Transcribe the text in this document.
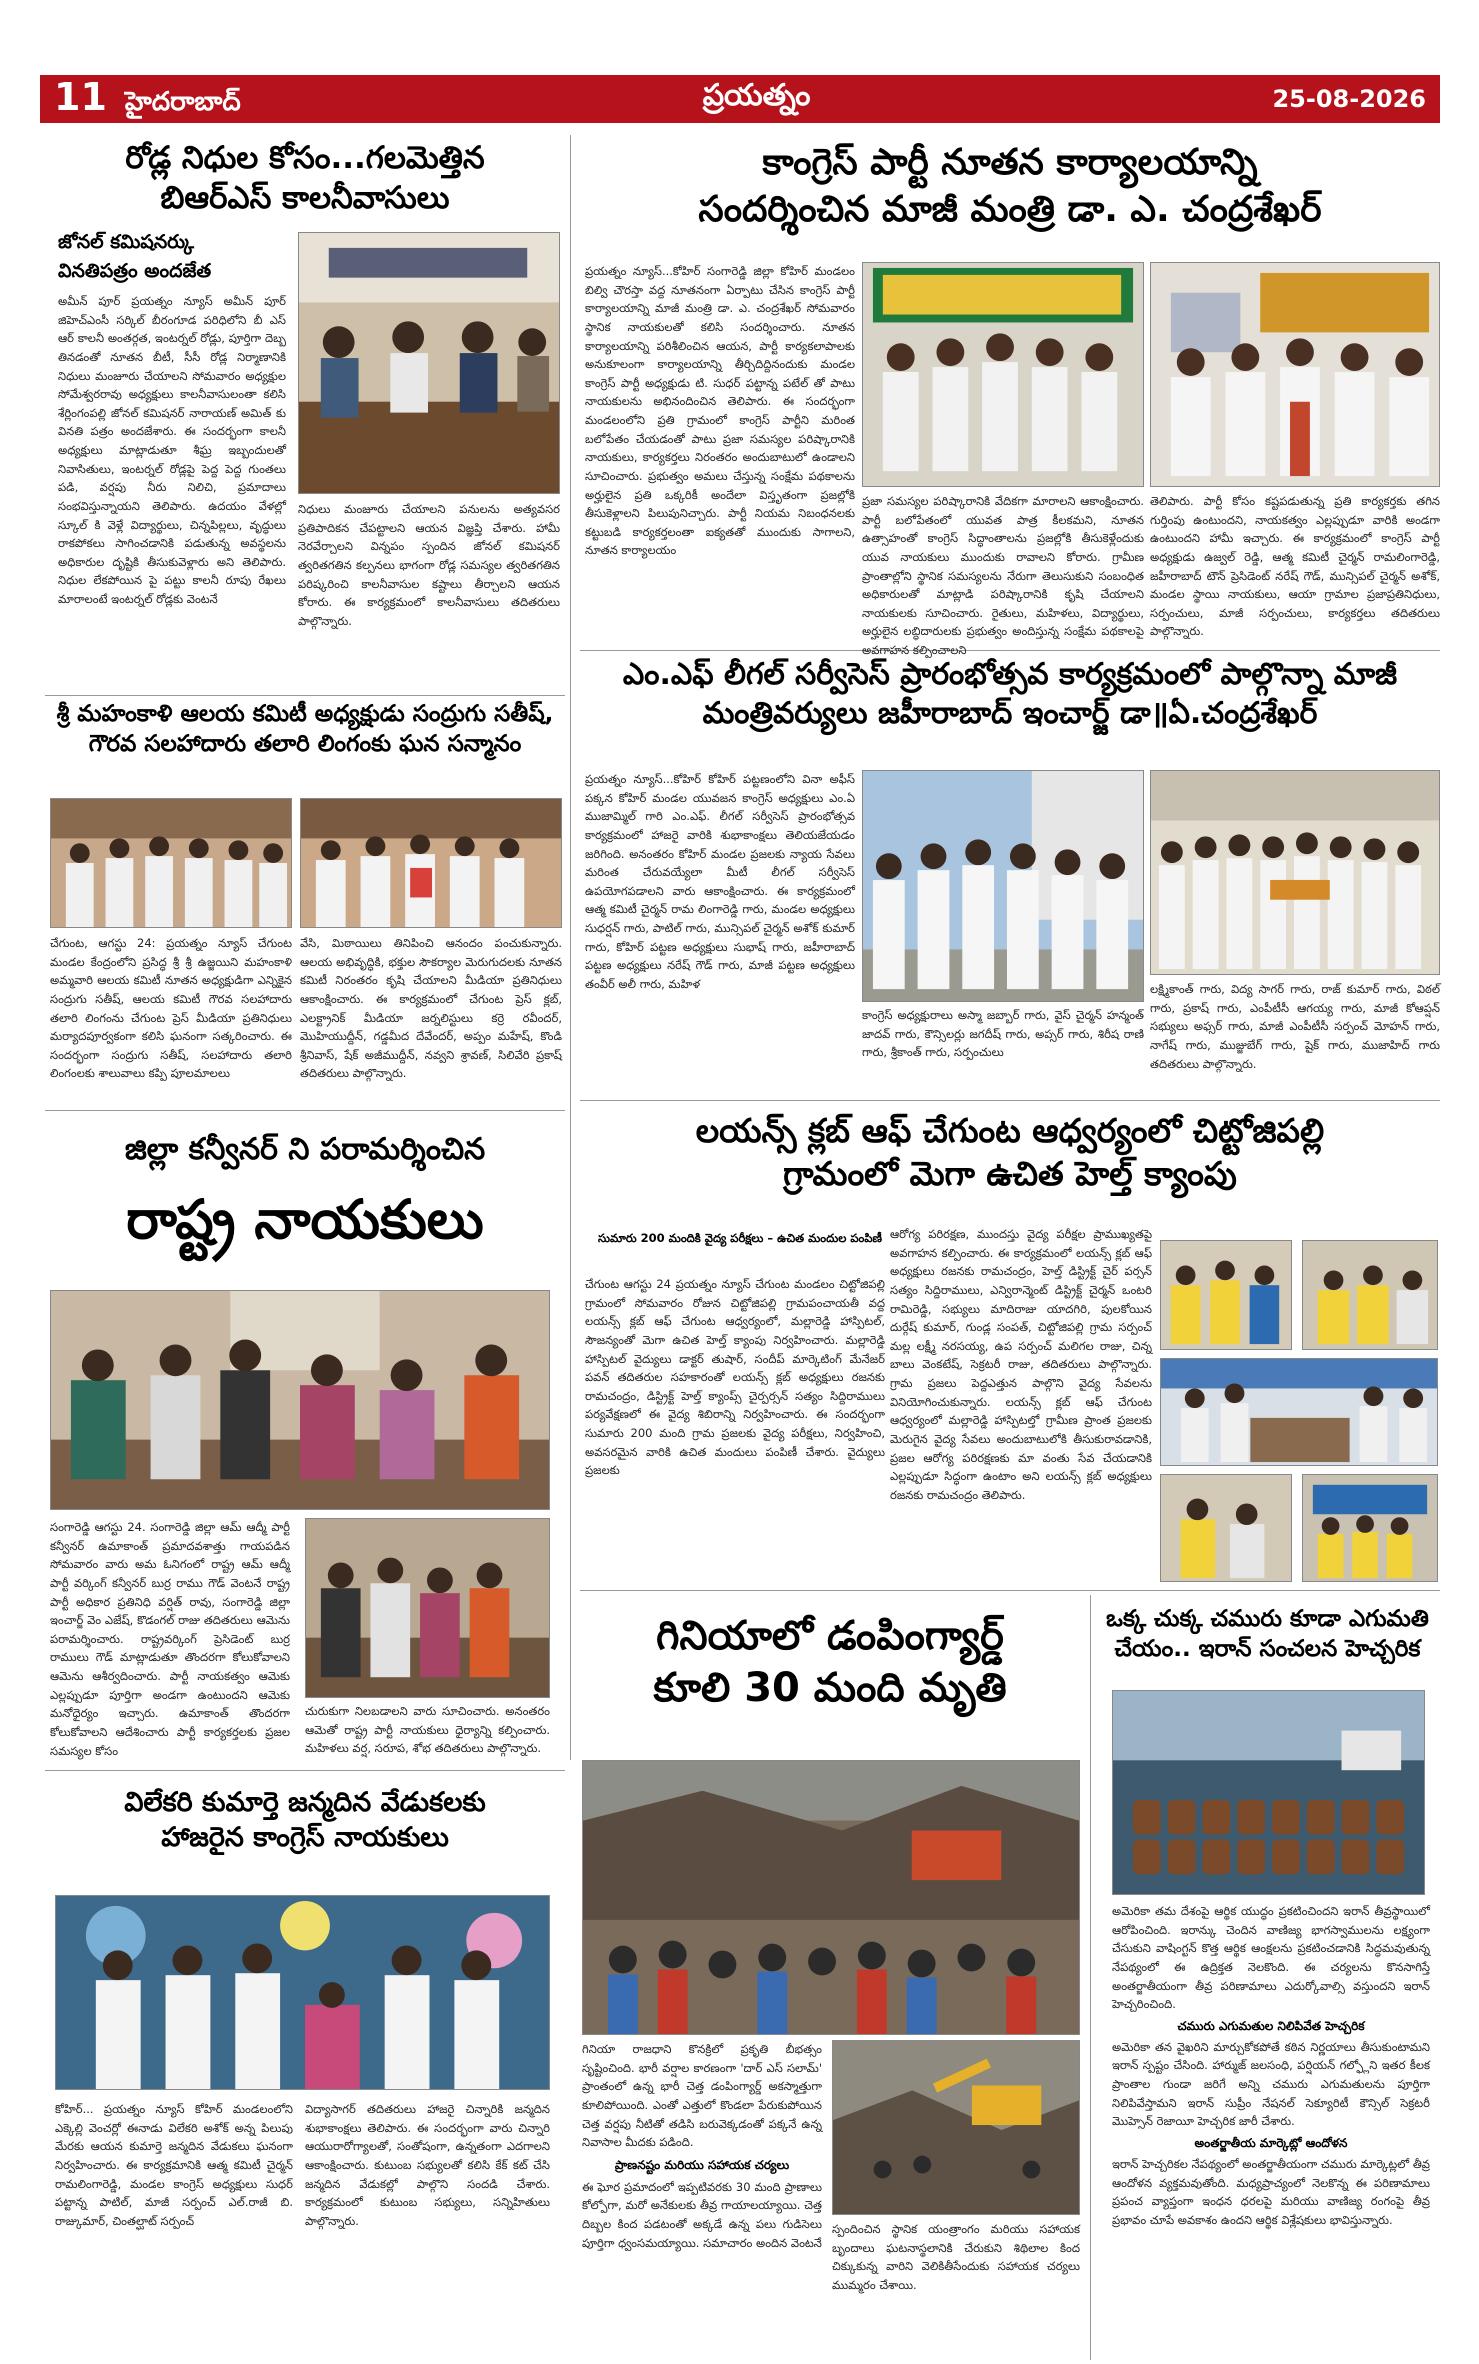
11 హైదరాబాద్	ప్రయత్నం	25-08-2026
రోడ్ల నిధుల కోసం...గలమెత్తిన
బిఆర్ఎస్ కాలనీవాసులు
జోనల్ కమిషనర్కు
వినతిపత్రం అందజేత
అమీన్ పూర్ ప్రయత్నం న్యూస్ అమీన్ పూర్ జిహెచ్ఎంసీ సర్కిల్ బీరంగూడ పరిధిలోని బీ ఎస్ ఆర్ కాలనీ అంతర్గత, ఇంటర్నల్ రోడ్లు, పూర్తిగా దెబ్బ తినడంతో నూతన బీటీ, సీసీ రోడ్ల నిర్మాణానికి నిధులు మంజూరు చేయాలని సోమవారం అధ్యక్షుల సోమేశ్వరరావు అధ్యక్షులు కాలనీవాసులంతా కలిసి శేర్లింగంపల్లి జోనల్ కమిషనర్ నారాయణ్ అమిత్ కు వినతి పత్రం అందజేశారు. ఈ సందర్భంగా కాలనీ అధ్యక్షులు మాట్లాడుతూ శీఘ్ర ఇబ్బందులతో నివాసితులు, ఇంటర్నల్ రోడ్లపై పెద్ద పెద్ద గుంతలు పడి, వర్షపు నీరు నిలిచి, ప్రమాదాలు సంభవిస్తున్నాయని తెలిపారు. ఉదయం వేళల్లో స్కూల్ కి వెళ్లే విద్యార్థులు, చిన్నపిల్లలు, వృద్ధులు రాకపోకలు సాగించడానికి పడుతున్న అవస్థలను అధికారుల దృష్టికి తీసుకువెళ్లారు అని తెలిపారు. నిధుల లేకపోయిన పై పట్టు కాలనీ రూపు రేఖలు మారాలంటే ఇంటర్నల్ రోడ్లకు వెంటనే
నిధులు మంజూరు చేయాలని పనులను అత్యవసర ప్రతిపాదికన చేపట్టాలని ఆయన విజ్ఞప్తి చేశారు. హామీ నెరవేర్చాలని విన్నపం స్పందిన జోనల్ కమిషనర్ త్వరితగతిన కల్పనలు భాగంగా రోడ్ల సమస్యల త్వరితగతిన పరిష్కరించి కాలనీవాసుల కష్టాలు తీర్చాలని ఆయన కోరారు. ఈ కార్యక్రమంలో కాలనీవాసులు తదితరులు పాల్గొన్నారు.
కాంగ్రెస్ పార్టీ నూతన కార్యాలయాన్ని
సందర్శించిన మాజీ మంత్రి డా. ఎ. చంద్రశేఖర్
ప్రయత్నం న్యూస్...కోహిర్ సంగారెడ్డి జిల్లా కోహిర్ మండలం బిల్వి చౌరస్తా వద్ద నూతనంగా ఏర్పాటు చేసిన కాంగ్రెస్ పార్టీ కార్యాలయాన్ని మాజీ మంత్రి డా. ఎ. చంద్రశేఖర్ సోమవారం స్థానిక నాయకులతో కలిసి సందర్శించారు. నూతన కార్యాలయాన్ని పరిశీలించిన ఆయన, పార్టీ కార్యకలాపాలకు అనుకూలంగా కార్యాలయాన్ని తీర్చిదిద్దినందుకు మండల కాంగ్రెస్ పార్టీ అధ్యక్షుడు టి. సుధర్ పట్టాన్న పటేల్ తో పాటు నాయకులను అభినందించిన తెలిపారు. ఈ సందర్భంగా మండలంలోని ప్రతి గ్రామంలో కాంగ్రెస్ పార్టీని మరింత బలోపేతం చేయడంతో పాటు ప్రజా సమస్యల పరిష్కారానికి నాయకులు, కార్యకర్తలు నిరంతరం అందుబాటులో ఉండాలని సూచించారు. ప్రభుత్వం అమలు చేస్తున్న సంక్షేమ పథకాలను అర్హులైన ప్రతి ఒక్కరికీ అందేలా విస్తృతంగా ప్రజల్లోకి తీసుకెళ్లాలని పిలుపునిచ్చారు. పార్టీ నియమ నిబంధనలకు కట్టుబడి కార్యకర్తలంతా ఐక్యతతో ముందుకు సాగాలని, నూతన కార్యాలయం
ప్రజా సమస్యల పరిష్కారానికి వేదికగా మారాలని ఆకాంక్షించారు. పార్టీ బలోపేతంలో యువత పాత్ర కీలకమని, నూతన ఉత్సాహంతో కాంగ్రెస్ సిద్ధాంతాలను ప్రజల్లోకి తీసుకెళ్లేందుకు యువ నాయకులు ముందుకు రావాలని కోరారు. గ్రామీణ ప్రాంతాల్లోని స్థానిక సమస్యలను నేరుగా తెలుసుకుని సంబంధిత అధికారులతో మాట్లాడి పరిష్కారానికి కృషి చేయాలని నాయకులకు సూచించారు. రైతులు, మహిళలు, విద్యార్థులు, అర్హులైన లబ్ధిదారులకు ప్రభుత్వం అందిస్తున్న సంక్షేమ పథకాలపై అవగాహన కల్పించాలని
తెలిపారు. పార్టీ కోసం కష్టపడుతున్న ప్రతి కార్యకర్తకు తగిన గుర్తింపు ఉంటుందని, నాయకత్వం ఎల్లప్పుడూ వారికి అండగా ఉంటుందని హామీ ఇచ్చారు. ఈ కార్యక్రమంలో కాంగ్రెస్ పార్టీ అధ్యక్షుడు ఉజ్వల్ రెడ్డి, ఆత్మ కమిటీ చైర్మన్ రామలింగారెడ్డి, జహీరాబాద్ టౌన్ ప్రెసిడెంట్ నరేష్ గౌడ్, మున్సిపల్ చైర్మన్ అశోక్, మండల స్థాయి నాయకులు, ఆయా గ్రామాల ప్రజాప్రతినిధులు, సర్పంచులు, మాజీ సర్పంచులు, కార్యకర్తలు తదితరులు పాల్గొన్నారు.
శ్రీ మహంకాళి ఆలయ కమిటీ అధ్యక్షుడు సంద్రుగు సతీష్,
గౌరవ సలహాదారు తలారి లింగంకు ఘన సన్మానం
చేగుంట, ఆగస్టు 24: ప్రయత్నం న్యూస్ చేగుంట మండల కేంద్రంలోని ప్రసిద్ధ శ్రీ శ్రీ ఉజ్జయిని మహంకాళి అమ్మవారి ఆలయ కమిటీ నూతన అధ్యక్షుడిగా ఎన్నికైన సంద్రుగు సతీష్, ఆలయ కమిటీ గౌరవ సలహాదారు తలారి లింగంను చేగుంట ప్రెస్ మీడియా ప్రతినిధులు మర్యాదపూర్వకంగా కలిసి ఘనంగా సత్కరించారు. ఈ సందర్భంగా సంద్రుగు సతీష్, సలహాదారు తలారి లింగంలకు శాలువాలు కప్పి పూలమాలలు
వేసి, మిఠాయిలు తినిపించి ఆనందం పంచుకున్నారు. ఆలయ అభివృద్ధికి, భక్తుల సౌకర్యాల మెరుగుదలకు నూతన కమిటీ నిరంతరం కృషి చేయాలని మీడియా ప్రతినిధులు ఆకాంక్షించారు. ఈ కార్యక్రమంలో చేగుంట ప్రెస్ క్లబ్, ఎలక్ట్రానిక్ మీడియా జర్నలిస్టులు కర్రె రవీందర్, మొహియుద్దీన్, గడ్డమీద దేవేందర్, అప్పం మహేష్, కొండి శ్రీనివాస్, షేక్ అజీముద్దీన్, నవ్వని శ్రావణ్, సిలివేరి ప్రకాష్ తదితరులు పాల్గొన్నారు.
ఎం.ఎఫ్ లీగల్ సర్వీసెస్ ప్రారంభోత్సవ కార్యక్రమంలో పాల్గొన్నా మాజీ
మంత్రివర్యులు జహీరాబాద్ ఇంచార్జ్ డా॥ఏ.చంద్రశేఖర్
ప్రయత్నం న్యూస్...కోహిర్ కోహిర్ పట్టణంలోని వినా అఫీస్ పక్కన కోహిర్ మండల యువజన కాంగ్రెస్ అధ్యక్షులు ఎం.ఏ ముజామ్మిల్ గారి ఎం.ఎఫ్. లీగల్ సర్వీసెస్ ప్రారంభోత్సవ కార్యక్రమంలో హాజరై వారికి శుభాకాంక్షలు తెలియజేయడం జరిగింది. అనంతరం కోహిర్ మండల ప్రజలకు న్యాయ సేవలు మరింత చేరువయ్యేలా మీటీ లీగల్ సర్వీసెస్ ఉపయోగపడాలని వారు ఆకాంక్షించారు. ఈ కార్యక్రమంలో ఆత్మ కమిటీ చైర్మన్ రామ లింగారెడ్డి గారు, మండల అధ్యక్షులు సుధర్షన్ గారు, పాటిల్ గారు, మున్సిపల్ చైర్మన్ అశోక్ కుమార్ గారు, కోహిర్ పట్టణ అధ్యక్షులు సుభాష్ గారు, జహీరాబాద్ పట్టణ అధ్యక్షులు నరేష్ గౌడ్ గారు, మాజీ పట్టణ అధ్యక్షులు తంవీర్ అలీ గారు, మహిళ
కాంగ్రెస్ అధ్యక్షురాలు అస్మా జబ్బార్ గారు, వైస్ చైర్మన్ హన్మంత్ జాదవ్ గారు, కౌన్సిలర్లు జగదీష్ గారు, అప్సర్ గారు, శిరీష రాణి గారు, శ్రీకాంత్ గారు, సర్పంచులు
లక్ష్మికాంత్ గారు, విద్య సాగర్ గారు, రాజ్ కుమార్ గారు, విఠల్ గారు, ప్రకాష్ గారు, ఎంపీటీసీ ఆగయ్య గారు, మాజీ కోఆప్షన్ సభ్యులు అఫ్సర్ గారు, మాజీ ఎంపీటీసీ సర్పంచ్ మోహన్ గారు, నాగేష్ గారు, ముజ్జుబేగ్ గారు, షైక్ గారు, ముజాహిద్ గారు తదితరులు పాల్గొన్నారు.
జిల్లా కన్వీనర్ ని పరామర్శించిన
రాష్ట్ర నాయకులు
సంగారెడ్డి ఆగస్టు 24. సంగారెడ్డి జిల్లా ఆమ్ ఆద్మీ పార్టీ కన్వీనర్ ఉమాకాంత్ ప్రమాదవశాత్తు గాయపడిన సోమవారం వారు అమ ఓనిగంలో రాష్ట్ర ఆమ్ ఆద్మీ పార్టీ వర్కింగ్ కన్వీనర్ బుర్ర రాము గౌడ్ వెంటనే రాష్ట్ర పార్టీ అధికార ప్రతినిధి వర్షిత్ రావు, సంగారెడ్డి జిల్లా ఇంచార్జ్ వెం ఎజేష్, కొడంగల్ రాజు తదితరులు ఆమెను పరామర్శించారు. రాష్ట్రవర్కింగ్ ప్రెసిడెంట్ బుర్ర రాములు గౌడ్ మాట్లాడుతూ తొందరగా కోలుకోవాలని ఆమెను ఆశీర్వదించారు. పార్టీ నాయకత్వం ఆమెకు ఎల్లప్పుడూ పూర్తిగా అండగా ఉంటుందని ఆమెకు మనోధైర్యం ఇచ్చారు. ఉమాకాంత్ తొందరగా కోలుకోవాలని ఆదేశించారు పార్టీ కార్యకర్తలకు ప్రజల సమస్యల కోసం
చురుకుగా నిలబడాలని వారు సూచించారు. అనంతరం ఆమెతో రాష్ట్ర పార్టీ నాయకులు ధైర్యాన్ని కల్పించారు. మహిళలు వర్ష, సరూప, శోభ తదితరులు పాల్గొన్నారు.
లయన్స్ క్లబ్ ఆఫ్ చేగుంట ఆధ్వర్యంలో చిట్టోజిపల్లి
గ్రామంలో మెగా ఉచిత హెల్త్ క్యాంపు
సుమారు 200 మందికి వైద్య పరీక్షలు – ఉచిత మందుల పంపిణీ
చేగుంట ఆగస్టు 24 ప్రయత్నం న్యూస్ చేగుంట మండలం చిట్టోజిపల్లి గ్రామంలో సోమవారం రోజున చిట్టోజిపల్లి గ్రామపంచాయతీ వద్ద లయన్స్ క్లబ్ ఆఫ్ చేగుంట ఆధ్వర్యంలో, మల్లారెడ్డి హాస్పిటల్, సౌజన్యంతో మెగా ఉచిత హెల్త్ క్యాంపు నిర్వహించారు. మల్లారెడ్డి హాస్పిటల్ వైద్యులు డాక్టర్ తుషార్, సందీప్ మార్కెటింగ్ మేనేజర్ పవన్ తదితరుల సహకారంతో లయన్స్ క్లబ్ అధ్యక్షులు రజనకు రామచంద్రం, డిస్ట్రిక్ట్ హెల్త్ క్యాంప్స్ చైర్పర్సన్ సత్యం సిద్దిరాములు పర్యవేక్షణలో ఈ వైద్య శిబిరాన్ని నిర్వహించారు. ఈ సందర్భంగా సుమారు 200 మంది గ్రామ ప్రజలకు వైద్య పరీక్షలు, నిర్వహించి, అవసరమైన వారికి ఉచిత మందులు పంపిణీ చేశారు. వైద్యులు ప్రజలకు
ఆరోగ్య పరిరక్షణ, ముందస్తు వైద్య పరీక్షల ప్రాముఖ్యతపై అవగాహన కల్పించారు. ఈ కార్యక్రమంలో లయన్స్ క్లబ్ ఆఫ్ అధ్యక్షులు రజనకు రామచంద్రం, హెల్త్ డిస్ట్రిక్ట్ చైర్ పర్సన్ సత్యం సిద్దిరాములు, ఎన్విరాన్మెంట్ డిస్ట్రిక్ట్ చైర్మన్ ఒంటరి రామిరెడ్డి, సభ్యులు మాదిరాజు యాదగిరి, పులకోయిన దుర్గేష్ కుమార్, గుండ్ల సంపత్, చిట్టోజిపల్లి గ్రామ సర్పంచ్ మల్ల లక్ష్మీ నరసయ్య, ఉప సర్పంచ్ మలిగల రాజు, చిన్న బాలు వెంకటేష్, సెక్రటరీ రాజు, తదితరులు పాల్గొన్నారు. గ్రామ ప్రజలు పెద్దఎత్తున పాల్గొని వైద్య సేవలను వినియోగించుకున్నారు. లయన్స్ క్లబ్ ఆఫ్ చేగుంట ఆధ్వర్యంలో మల్లారెడ్డి హాస్పిటల్తో గ్రామీణ ప్రాంత ప్రజలకు మెరుగైన వైద్య సేవలు అందుబాటులోకి తీసుకురావడానికి, ప్రజల ఆరోగ్య పరిరక్షణకు మా వంతు సేవ చేయడానికి ఎల్లప్పుడూ సిద్ధంగా ఉంటాం అని లయన్స్ క్లబ్ అధ్యక్షులు రజనకు రామచంద్రం తెలిపారు.
విలేకరి కుమార్తె జన్మదిన వేడుకలకు
హాజరైన కాంగ్రెస్ నాయకులు
కోహిర్... ప్రయత్నం న్యూస్ కోహిర్ మండలంలోని ఎక్కెల్లి వెంచర్లో ఈనాడు విలేకరి అశోక్ అన్న పిలుపు మేరకు ఆయన కుమార్తె జన్మదిన వేడుకలు ఘనంగా నిర్వహించారు. ఈ కార్యక్రమానికి ఆత్మ కమిటీ చైర్మన్ రామలింగారెడ్డి, మండల కాంగ్రెస్ అధ్యక్షులు సుధర్ పట్టాన్న పాటిల్, మాజీ సర్పంచ్ ఎల్.రాజీ బి. రాజ్కుమార్, చింతల్ఘాట్ సర్పంచ్
విద్యాసాగర్ తదితరులు హాజరై చిన్నారికి జన్మదిన శుభాకాంక్షలు తెలిపారు. ఈ సందర్భంగా వారు చిన్నారి ఆయురారోగ్యాలతో, సంతోషంగా, ఉన్నతంగా ఎదగాలని ఆకాంక్షించారు. కుటుంబ సభ్యులతో కలిసి కేక్ కట్ చేసి జన్మదిన వేడుకల్లో పాల్గొని సందడి చేశారు. కార్యక్రమంలో కుటుంబ సభ్యులు, సన్నిహితులు పాల్గొన్నారు.
గినియాలో డంపింగ్యార్డ్
కూలి 30 మంది మృతి
గినియా రాజధాని కొనక్రిలో ప్రకృతి బీభత్సం సృష్టించింది. భారీ వర్షాల కారణంగా 'దార్ ఎస్ సలామ్' ప్రాంతంలో ఉన్న భారీ చెత్త డంపింగ్యార్డ్ అకస్మాత్తుగా కూలిపోయింది. ఎంతో ఎత్తులో కొండలా పేరుకుపోయిన చెత్త వర్షపు నీటితో తడిసి బరువెక్కడంతో పక్కనే ఉన్న నివాసాల మీదకు పడింది.
ప్రాణనష్టం మరియు సహాయక చర్యలు
ఈ ఘోర ప్రమాదంలో ఇప్పటివరకు 30 మంది ప్రాణాలు కోల్పోగా, మరో అనేకులకు తీవ్ర గాయాలయ్యాయి. చెత్త దిబ్బల కింద పడటంతో అక్కడే ఉన్న పలు గుడిసెలు పూర్తిగా ధ్వంసమయ్యాయి. సమాచారం అందిన వెంటనే
స్పందించిన స్థానిక యంత్రాంగం మరియు సహాయక బృందాలు ఘటనాస్థలానికి చేరుకుని శిథిలాల కింద చిక్కుకున్న వారిని వెలికితీసేందుకు సహాయక చర్యలు ముమ్మరం చేశాయి.
ఒక్క చుక్క చమురు కూడా ఎగుమతి
చేయం.. ఇరాన్ సంచలన హెచ్చరిక
అమెరికా తమ దేశంపై ఆర్థిక యుద్ధం ప్రకటించిందని ఇరాన్ తీవ్రస్థాయిలో ఆరోపించింది. ఇరాన్కు చెందిన వాణిజ్య భాగస్వాములను లక్ష్యంగా చేసుకుని వాషింగ్టన్ కొత్త ఆర్థిక ఆంక్షలను ప్రకటించడానికి సిద్ధమవుతున్న నేపథ్యంలో ఈ ఉద్రిక్తత నెలకొంది. ఈ చర్యలను కొనసాగిస్తే అంతర్జాతీయంగా తీవ్ర పరిణామాలు ఎదుర్కోవాల్సి వస్తుందని ఇరాన్ హెచ్చరించింది.
చమురు ఎగుమతుల నిలిపివేత హెచ్చరిక
అమెరికా తన వైఖరిని మార్చుకోకపోతే కఠిన నిర్ణయాలు తీసుకుంటామని ఇరాన్ స్పష్టం చేసింది. హార్ముజ్ జలసంధి, పర్షియన్ గల్ఫ్లోని ఇతర కీలక ప్రాంతాల గుండా జరిగే అన్ని చమురు ఎగుమతులను పూర్తిగా నిలిపివేస్తామని ఇరాన్ సుప్రీం నేషనల్ సెక్యూరిటీ కౌన్సిల్ సెక్రటరీ మొహ్సెన్ రెజాయీ హెచ్చరిక జారీ చేశారు.
అంతర్జాతీయ మార్కెట్లో ఆందోళన
ఇరాన్ హెచ్చరికల నేపథ్యంలో అంతర్జాతీయంగా చమురు మార్కెట్లలో తీవ్ర ఆందోళన వ్యక్తమవుతోంది. మధ్యప్రాచ్యంలో నెలకొన్న ఈ పరిణామాలు ప్రపంచ వ్యాప్తంగా ఇంధన ధరలపై మరియు వాణిజ్య రంగంపై తీవ్ర ప్రభావం చూపే అవకాశం ఉందని ఆర్థిక విశ్లేషకులు భావిస్తున్నారు.
